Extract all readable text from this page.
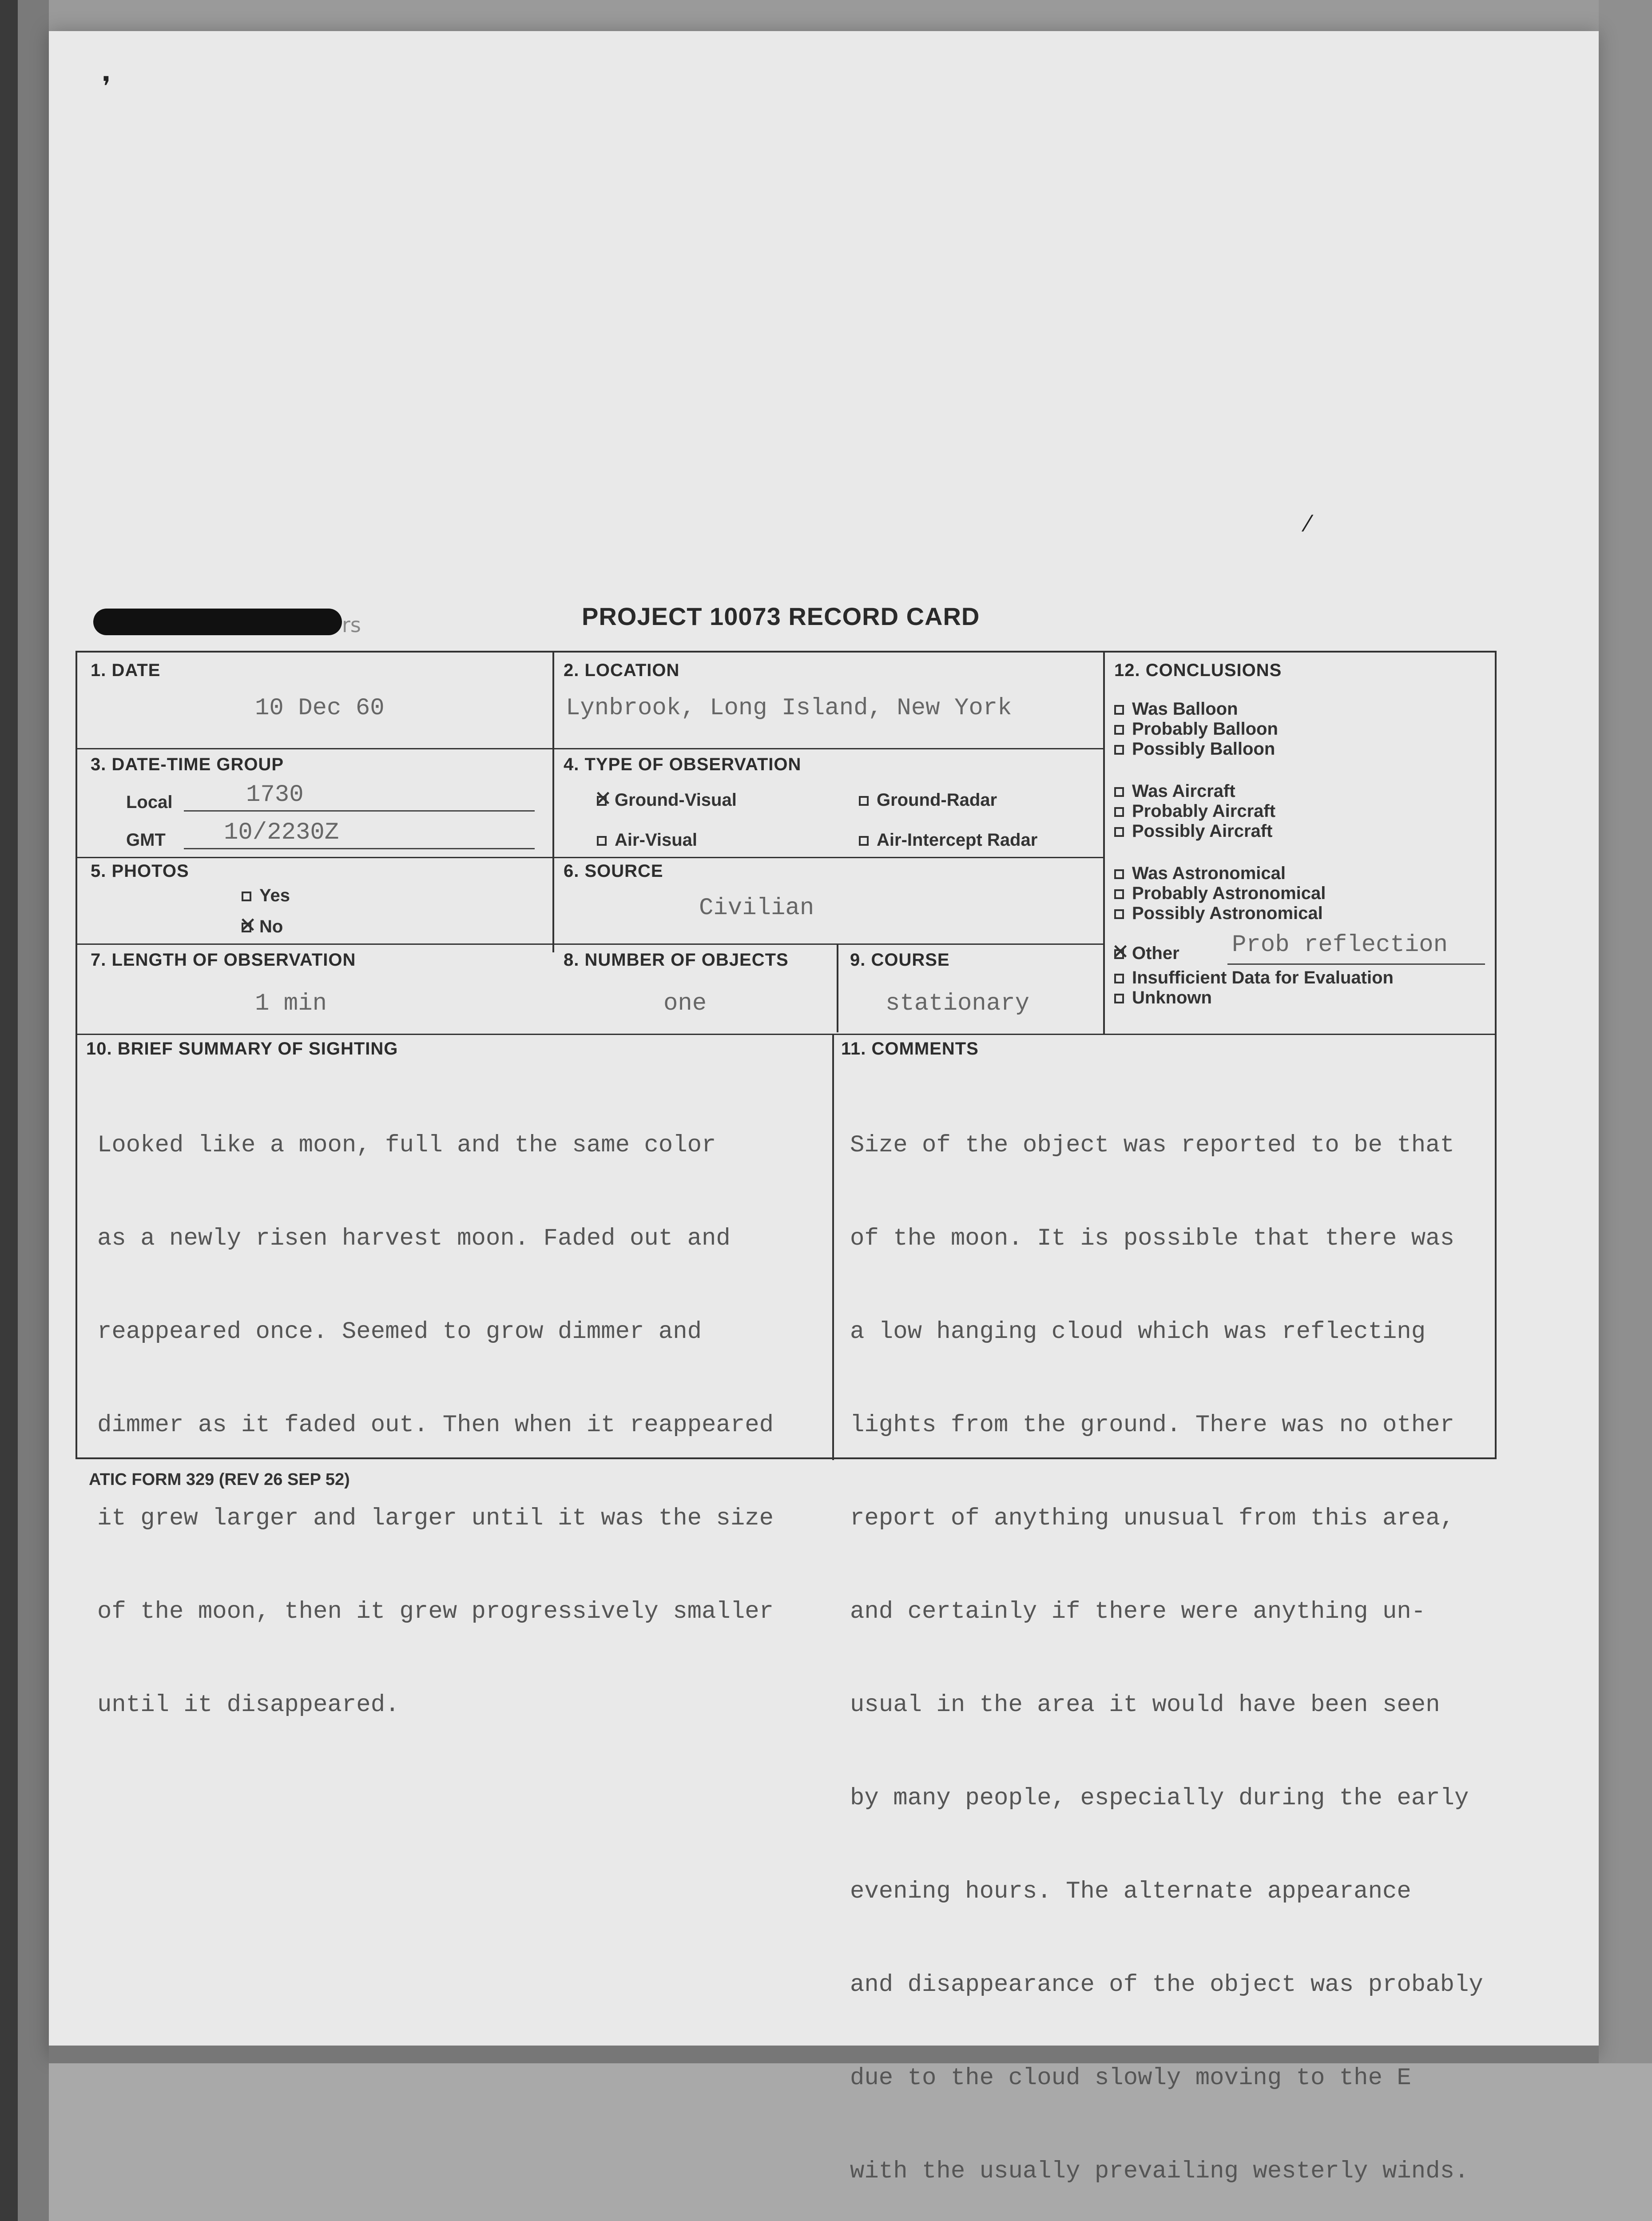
❜
⁄
rs	PROJECT 10073 RECORD CARD
1. DATE
10 Dec 60
2. LOCATION
Lynbrook, Long Island, New York
3. DATE-TIME GROUP
Local	1730
GMT 10/2230Z
4. TYPE OF OBSERVATION
✕Ground-Visual	Ground-Radar
Air-Visual	Air-Intercept Radar
5. PHOTOS
Yes
✕No
6. SOURCE
Civilian
7. LENGTH OF OBSERVATION
1 min
8. NUMBER OF OBJECTS
one
9. COURSE
stationary
12. CONCLUSIONS
Was Balloon
Probably Balloon
Possibly Balloon
Was Aircraft
Probably Aircraft
Possibly Aircraft
Was Astronomical
Probably Astronomical
Possibly Astronomical
✕Other Prob reflection
Insufficient Data for Evaluation
Unknown
10. BRIEF SUMMARY OF SIGHTING

Looked like a moon, full and the same color

as a newly risen harvest moon. Faded out and

reappeared once. Seemed to grow dimmer and

dimmer as it faded out. Then when it reappeared

it grew larger and larger until it was the size

of the moon, then it grew progressively smaller

until it disappeared.

11. COMMENTS

Size of the object was reported to be that

of the moon. It is possible that there was

a low hanging cloud which was reflecting

lights from the ground. There was no other

report of anything unusual from this area,

and certainly if there were anything un-

usual in the area it would have been seen

by many people, especially during the early

evening hours. The alternate appearance

and disappearance of the object was probably

due to the cloud slowly moving to the E

with the usually prevailing westerly winds.

ATIC FORM 329 (REV 26 SEP 52)
